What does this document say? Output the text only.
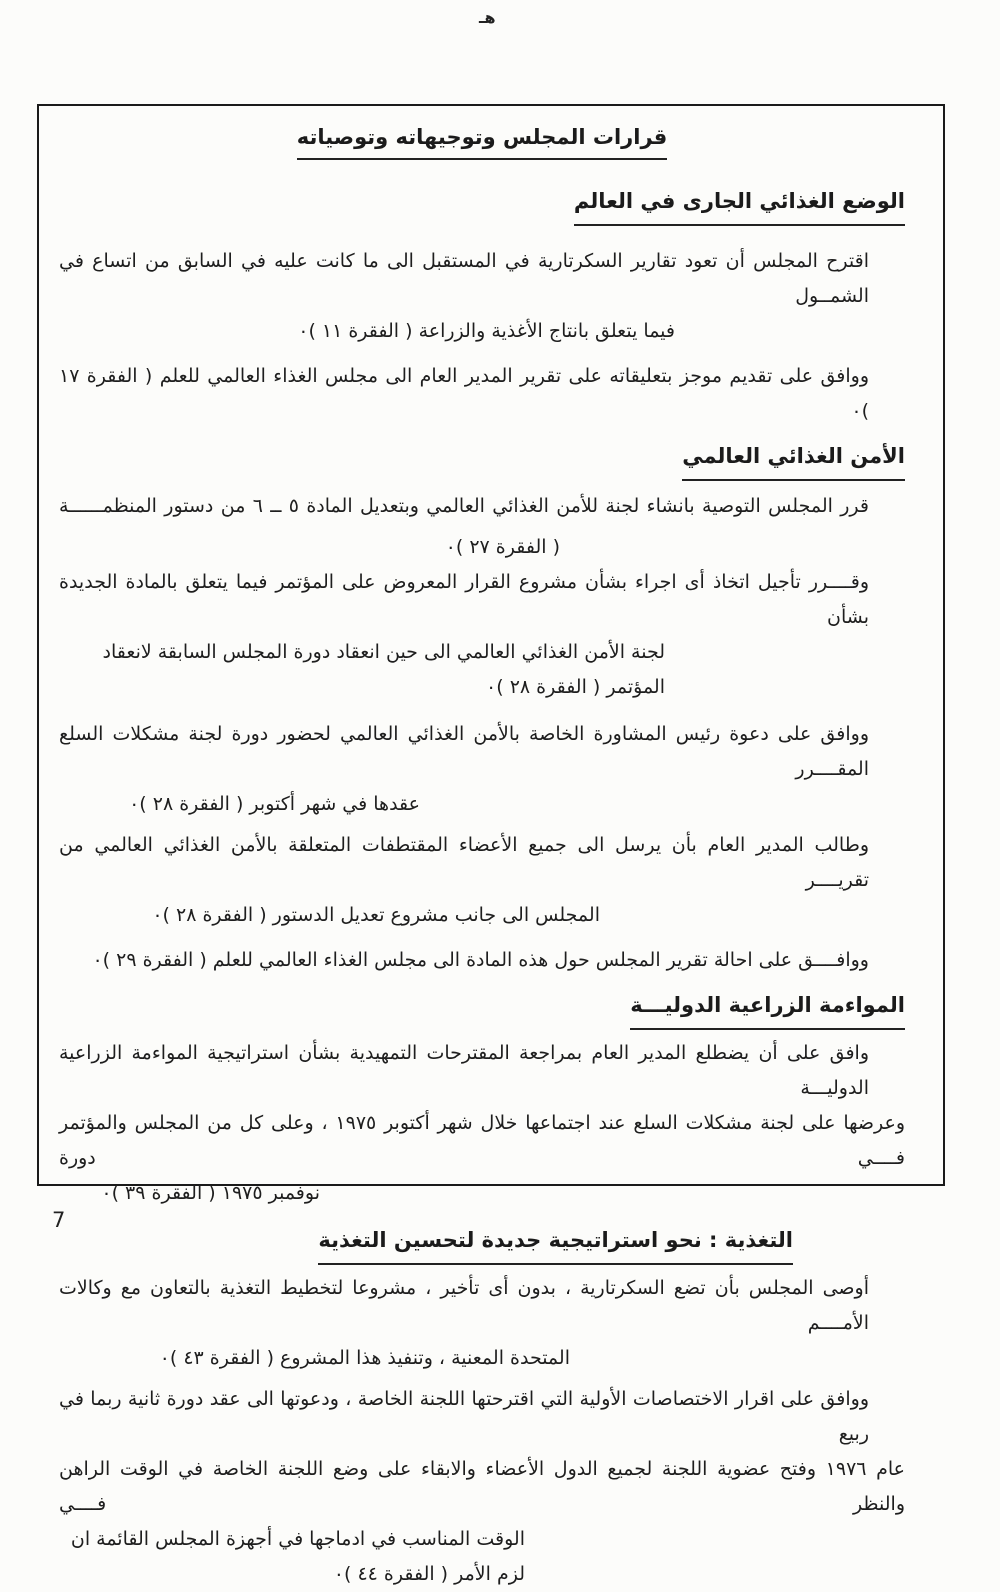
هـ
قرارات المجلس وتوجيهاته وتوصياته
الوضع الغذائي الجارى في العالم
اقترح المجلس أن تعود تقارير السكرتارية في المستقبل الى ما كانت عليه في السابق من اتساع في الشمــول
فيما يتعلق بانتاج الأغذية والزراعة ( الفقرة ١١ )٠
ووافق على تقديم موجز بتعليقاته على تقرير المدير العام الى مجلس الغذاء العالمي للعلم ( الفقرة ١٧ )٠
الأمن الغذائي العالمي
قرر المجلس التوصية بانشاء لجنة للأمن الغذائي العالمي وبتعديل المادة ٥ ــ ٦ من دستور المنظمــــــة
( الفقرة ٢٧ )٠
وقــــرر تأجيل اتخاذ أى اجراء بشأن مشروع القرار المعروض على المؤتمر فيما يتعلق بالمادة الجديدة بشأن
لجنة الأمن الغذائي العالمي الى حين انعقاد دورة المجلس السابقة لانعقاد المؤتمر ( الفقرة ٢٨ )٠
ووافق على دعوة رئيس المشاورة الخاصة بالأمن الغذائي العالمي لحضور دورة لجنة مشكلات السلع المقــــرر
عقدها في شهر أكتوبر ( الفقرة ٢٨ )٠
وطالب المدير العام بأن يرسل الى جميع الأعضاء المقتطفات المتعلقة بالأمن الغذائي العالمي من تقريــــر
المجلس الى جانب مشروع تعديل الدستور ( الفقرة ٢٨ )٠
ووافــــق على احالة تقرير المجلس حول هذه المادة الى مجلس الغذاء العالمي للعلم ( الفقرة ٢٩ )٠
المواءمة الزراعية الدوليـــة
وافق على أن يضطلع المدير العام بمراجعة المقترحات التمهيدية بشأن استراتيجية المواءمة الزراعية الدوليـــة
وعرضها على لجنة مشكلات السلع عند اجتماعها خلال شهر أكتوبر ١٩٧٥ ، وعلى كل من المجلس والمؤتمر فــــي دورة
نوفمبر ١٩٧٥ ( الفقرة ٣٩ )٠
التغذية : نحو استراتيجية جديدة لتحسين التغذية
أوصى المجلس بأن تضع السكرتارية ، بدون أى تأخير ، مشروعا لتخطيط التغذية بالتعاون مع وكالات الأمــــم
المتحدة المعنية ، وتنفيذ هذا المشروع ( الفقرة ٤٣ )٠
ووافق على اقرار الاختصاصات الأولية التي اقترحتها اللجنة الخاصة ، ودعوتها الى عقد دورة ثانية ربما في ربيع
عام ١٩٧٦ وفتح عضوية اللجنة لجميع الدول الأعضاء والابقاء على وضع اللجنة الخاصة في الوقت الراهن والنظر فــــي
الوقت المناسب في ادماجها في أجهزة المجلس القائمة ان لزم الأمر ( الفقرة ٤٤ )٠
7
